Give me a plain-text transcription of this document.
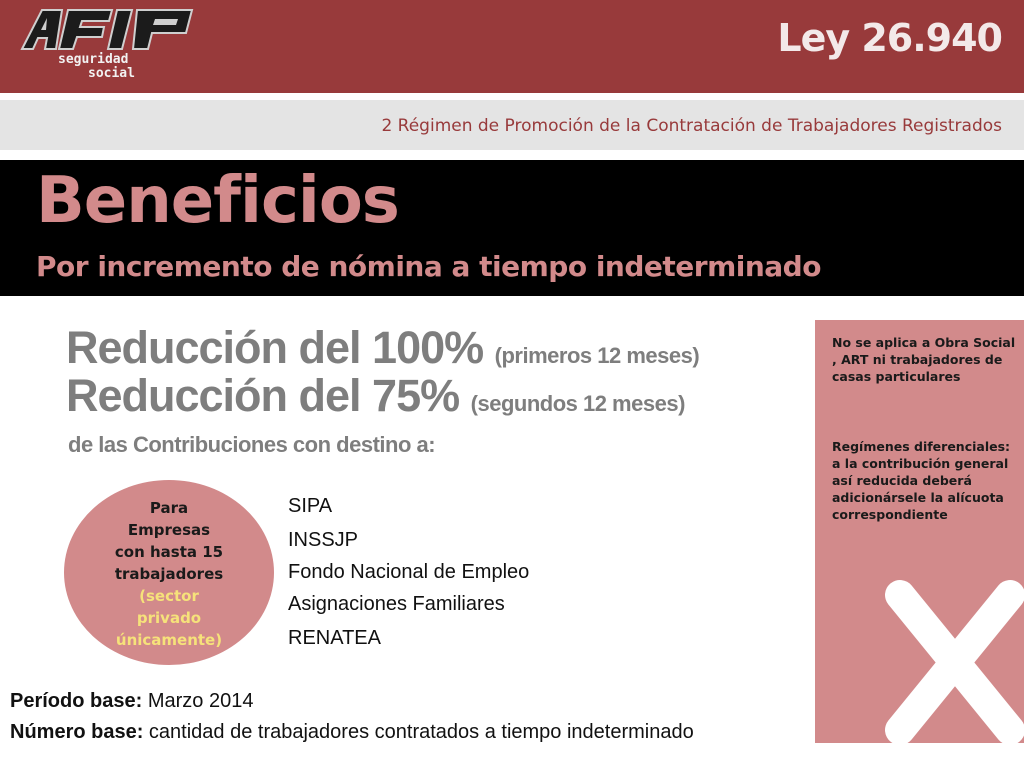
seguridad
social
Ley 26.940
2 Régimen de Promoción de la Contratación de Trabajadores Registrados
Beneficios
Por incremento de nómina a tiempo indeterminado
Reducción del 100% (primeros 12 meses)
Reducción del 75% (segundos 12 meses)
de las Contribuciones con destino a:
Para
Empresas
con hasta 15
trabajadores
(sector
privado
únicamente)
SIPA
INSSJP
Fondo Nacional de Empleo
Asignaciones Familiares
RENATEA
Período base: Marzo 2014
Número base: cantidad de trabajadores contratados a tiempo indeterminado
No se aplica a Obra Social , ART ni trabajadores de casas particulares
Regímenes diferenciales: a la contribución general así reducida deberá adicionársele la alícuota correspondiente
